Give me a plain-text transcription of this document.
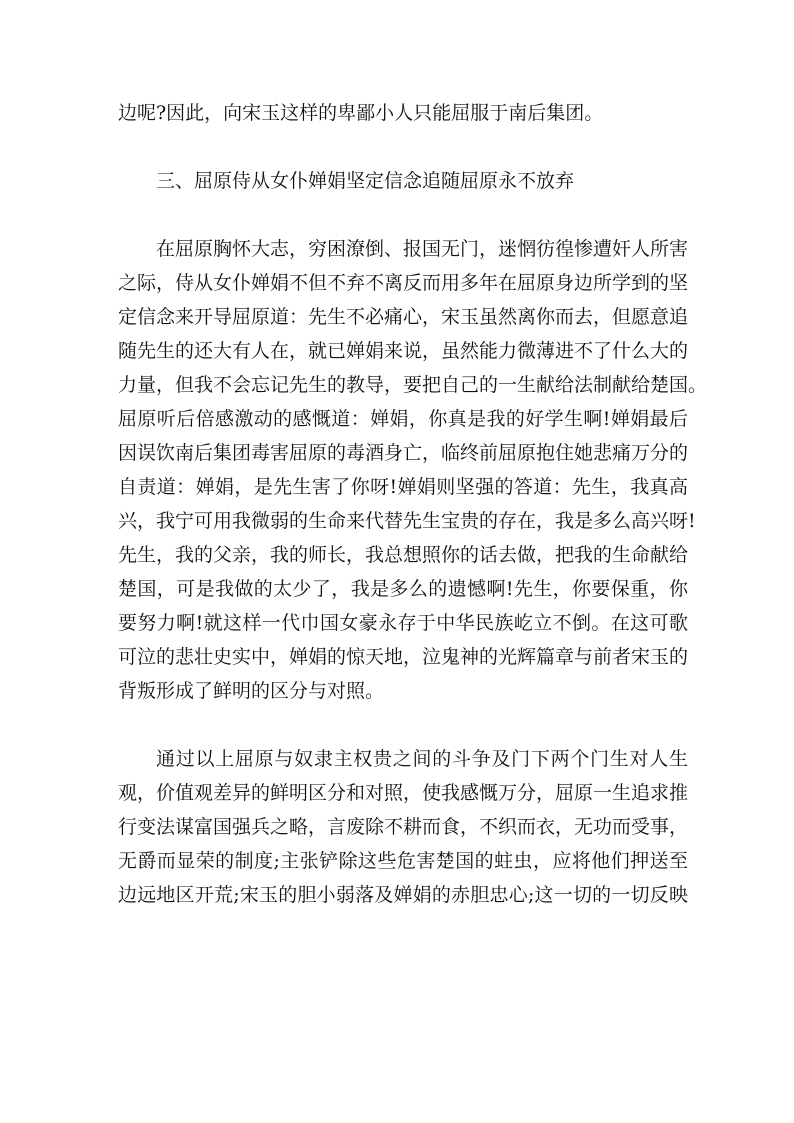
边呢?因此，向宋玉这样的卑鄙小人只能屈服于南后集团。
三、屈原侍从女仆婵娟坚定信念追随屈原永不放弃
在屈原胸怀大志，穷困潦倒、报国无门，迷惘彷徨惨遭奸人所害
之际，侍从女仆婵娟不但不弃不离反而用多年在屈原身边所学到的坚
定信念来开导屈原道：先生不必痛心，宋玉虽然离你而去，但愿意追
随先生的还大有人在，就已婵娟来说，虽然能力微薄进不了什么大的
力量，但我不会忘记先生的教导，要把自己的一生献给法制献给楚国。
屈原听后倍感激动的感慨道：婵娟，你真是我的好学生啊!婵娟最后
因误饮南后集团毒害屈原的毒酒身亡，临终前屈原抱住她悲痛万分的
自责道：婵娟，是先生害了你呀!婵娟则坚强的答道：先生，我真高
兴，我宁可用我微弱的生命来代替先生宝贵的存在，我是多么高兴呀!
先生，我的父亲，我的师长，我总想照你的话去做，把我的生命献给
楚国，可是我做的太少了，我是多么的遗憾啊!先生，你要保重，你
要努力啊!就这样一代巾国女豪永存于中华民族屹立不倒。在这可歌
可泣的悲壮史实中，婵娟的惊天地，泣鬼神的光辉篇章与前者宋玉的
背叛形成了鲜明的区分与对照。
通过以上屈原与奴隶主权贵之间的斗争及门下两个门生对人生
观，价值观差异的鲜明区分和对照，使我感慨万分，屈原一生追求推
行变法谋富国强兵之略，言废除不耕而食，不织而衣，无功而受事，
无爵而显荣的制度;主张铲除这些危害楚国的蛀虫，应将他们押送至
边远地区开荒;宋玉的胆小弱落及婵娟的赤胆忠心;这一切的一切反映
